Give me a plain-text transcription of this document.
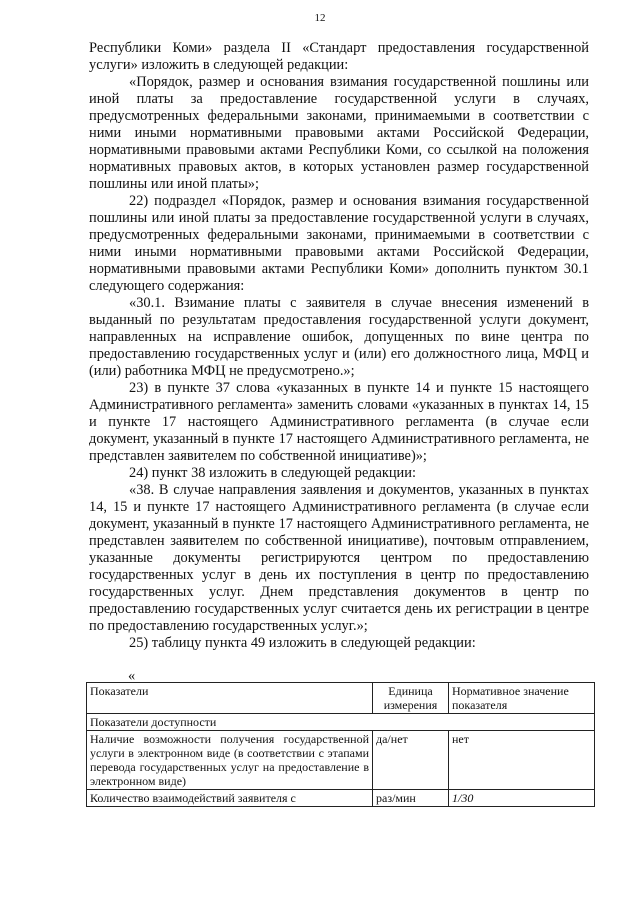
12

Республики Коми» раздела II «Стандарт предоставления государственной услуги» изложить в следующей редакции:

«Порядок, размер и основания взимания государственной пошлины или иной платы за предоставление государственной услуги в случаях, предусмотренных федеральными законами, принимаемыми в соответствии с ними иными нормативными правовыми актами Российской Федерации, нормативными правовыми актами Республики Коми, со ссылкой на положения нормативных правовых актов, в которых установлен размер государственной пошлины или иной платы»;

22) подраздел «Порядок, размер и основания взимания государственной пошлины или иной платы за предоставление государственной услуги в случаях, предусмотренных федеральными законами, принимаемыми в соответствии с ними иными нормативными правовыми актами Российской Федерации, нормативными правовыми актами Республики Коми» дополнить пунктом 30.1 следующего содержания:

«30.1. Взимание платы с заявителя в случае внесения изменений в выданный по результатам предоставления государственной услуги документ, направленных на исправление ошибок, допущенных по вине центра по предоставлению государственных услуг и (или) его должностного лица, МФЦ и (или) работника МФЦ не предусмотрено.»;

23) в пункте 37 слова «указанных в пункте 14 и пункте 15 настоящего Административного регламента» заменить словами «указанных в пунктах 14, 15 и пункте 17 настоящего Административного регламента (в случае если документ, указанный в пункте 17 настоящего Административного регламента, не представлен заявителем по собственной инициативе)»;

24) пункт 38 изложить в следующей редакции:

«38. В случае направления заявления и документов, указанных в пунктах 14, 15 и пункте 17 настоящего Административного регламента (в случае если документ, указанный в пункте 17 настоящего Административного регламента, не представлен заявителем по собственной инициативе), почтовым отправлением, указанные документы регистрируются центром по предоставлению государственных услуг в день их поступления в центр по предоставлению государственных услуг. Днем представления документов в центр по предоставлению государственных услуг считается день их регистрации в центре по предоставлению государственных услуг.»;

25) таблицу пункта 49 изложить в следующей редакции:

«
Показатели	Единица измерения	Нормативное значение показателя
Показатели доступности		
Наличие возможности получения государственной услуги в электронном виде (в соответствии с этапами перевода государственных услуг на предоставление в электронном виде)	да/нет	нет
Количество взаимодействий заявителя с	раз/мин	1/30
